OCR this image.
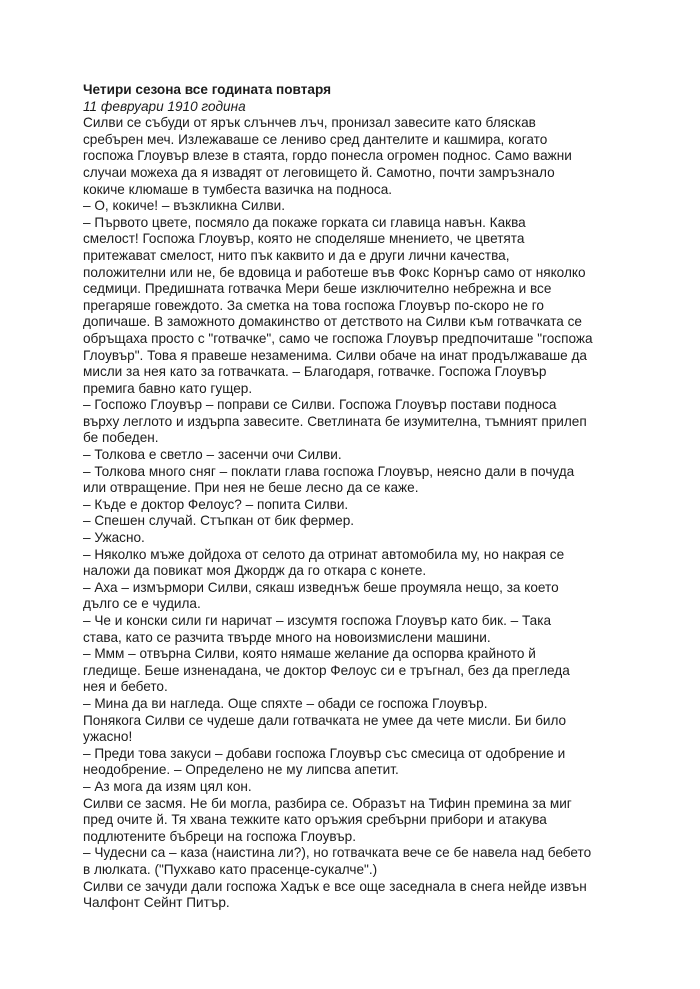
Четири сезона все годината повтаря

11 февруари 1910 година

Силви се събуди от ярък слънчев лъч, пронизал завесите като бляскав

сребърен меч. Излежаваше се лениво сред дантелите и кашмира, когато

госпожа Глоувър влезе в стаята, гордо понесла огромен поднос. Само важни

случаи можеха да я извадят от леговището й. Самотно, почти замръзнало

кокиче клюмаше в тумбеста вазичка на подноса.

– О, кокиче! – възкликна Силви.

– Първото цвете, посмяло да покаже горката си главица навън. Каква

смелост! Госпожа Глоувър, която не споделяше мнението, че цветята

притежават смелост, нито пък каквито и да е други лични качества,

положителни или не, бе вдовица и работеше във Фокс Корнър само от няколко

седмици. Предишната готвачка Мери беше изключително небрежна и все

прегаряше говеждото. За сметка на това госпожа Глоувър по-скоро не го

допичаше. В заможното домакинство от детството на Силви към готвачката се

обръщаха просто с "готвачке", само че госпожа Глоувър предпочиташе "госпожа

Глоувър". Това я правеше незаменима. Силви обаче на инат продължаваше да

мисли за нея като за готвачката. – Благодаря, готвачке. Госпожа Глоувър

премига бавно като гущер.

– Госпожо Глоувър – поправи се Силви. Госпожа Глоувър постави подноса

върху леглото и издърпа завесите. Светлината бе изумителна, тъмният прилеп

бе победен.

– Толкова е светло – засенчи очи Силви.

– Толкова много сняг – поклати глава госпожа Глоувър, неясно дали в почуда

или отвращение. При нея не беше лесно да се каже.

– Къде е доктор Фелоус? – попита Силви.

– Спешен случай. Стъпкан от бик фермер.

– Ужасно.

– Няколко мъже дойдоха от селото да отринат автомобила му, но накрая се

наложи да повикат моя Джордж да го откара с конете.

– Аха – измърмори Силви, сякаш изведнъж беше проумяла нещо, за което

дълго се е чудила.

– Че и конски сили ги наричат – изсумтя госпожа Глоувър като бик. – Така

става, като се разчита твърде много на новоизмислени машини.

– Ммм – отвърна Силви, която нямаше желание да оспорва крайното й

гледище. Беше изненадана, че доктор Фелоус си е тръгнал, без да прегледа

нея и бебето.

– Мина да ви нагледа. Още спяхте – обади се госпожа Глоувър.

Понякога Силви се чудеше дали готвачката не умее да чете мисли. Би било

ужасно!

– Преди това закуси – добави госпожа Глоувър със смесица от одобрение и

неодобрение. – Определено не му липсва апетит.

– Аз мога да изям цял кон.

Силви се засмя. Не би могла, разбира се. Образът на Тифин премина за миг

пред очите й. Тя хвана тежките като оръжия сребърни прибори и атакува

подлютените бъбреци на госпожа Глоувър.

– Чудесни са – каза (наистина ли?), но готвачката вече се бе навела над бебето

в люлката. ("Пухкаво като прасенце-сукалче".)

Силви се зачуди дали госпожа Хадък е все още заседнала в снега нейде извън

Чалфонт Сейнт Питър.
